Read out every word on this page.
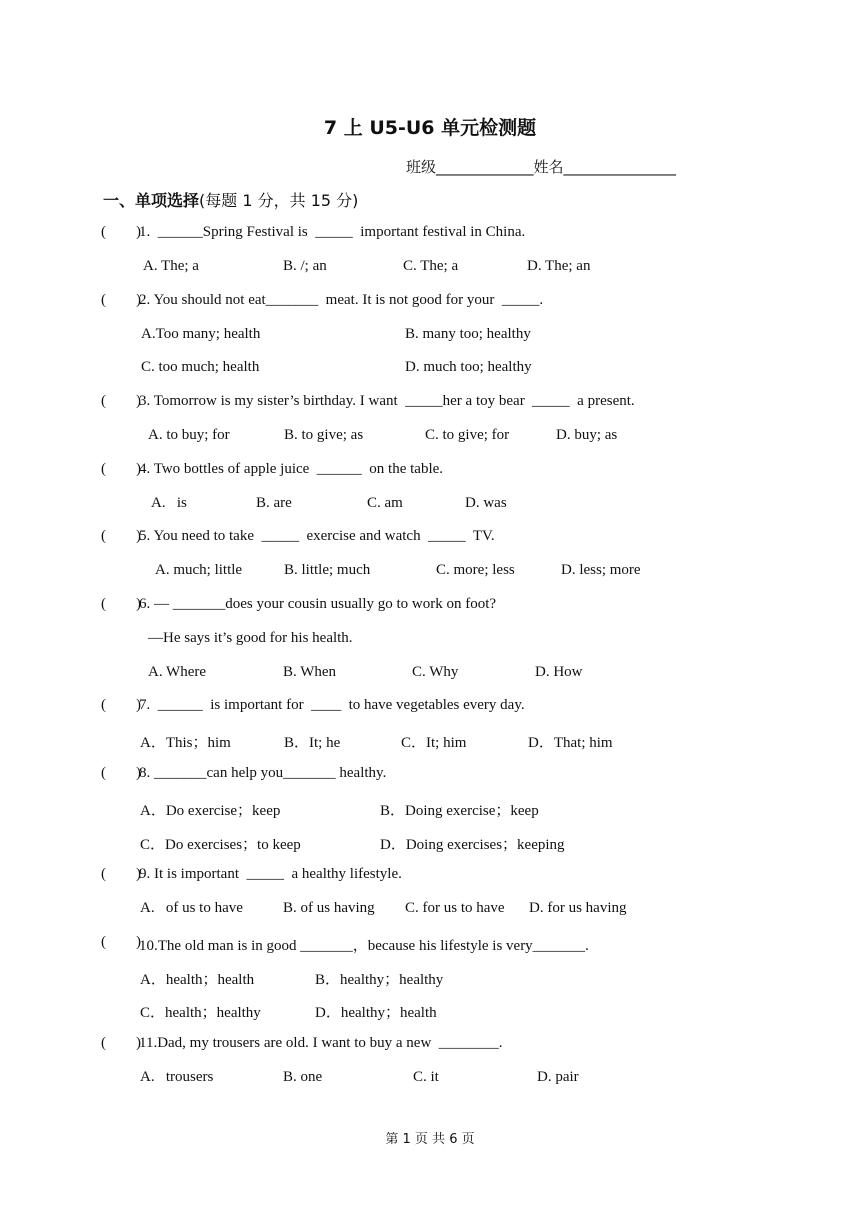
7 上 U5-U6 单元检测题
班级_____________姓名_______________
一、单项选择(每题 1 分，共 15 分)
(        )
1.  ______Spring Festival is  _____  important festival in China.
A. The; a	B. /; an	C. The; a	D. The; an
(        )
2. You should not eat_______  meat. It is not good for your  _____.
A.Too many; health	B. many too; healthy
C. too much; health	D. much too; healthy
(        )
3. Tomorrow is my sister’s birthday. I want  _____her a toy bear  _____  a present.
A. to buy; for	B. to give; as	C. to give; for	D. buy; as
(        )
4. Two bottles of apple juice  ______  on the table.
A.   is	B. are	C. am	D. was
(        )
5. You need to take  _____  exercise and watch  _____  TV.
A. much; little	B. little; much	C. more; less	D. less; more
(        )
6. — _______does your cousin usually go to work on foot?
—He says it’s good for his health.
A. Where	B. When	C. Why	D. How
(        )
7.  ______  is important for  ____  to have vegetables every day.
A．This；him	B．It; he	C．It; him	D．That; him
(        )
8. _______can help you_______ healthy.
A．Do exercise；keep	B．Doing exercise；keep
C．Do exercises；to keep	D．Doing exercises；keeping
(        )
9. It is important  _____  a healthy lifestyle.
A.   of us to have	B. of us having C. for us to have D. for us having
(        )
10.The old man is in good _______，because his lifestyle is very_______.
A．health；health	B．healthy；healthy
C．health；healthy	D．healthy；health
(        )
11.Dad, my trousers are old. I want to buy a new  ________.
A.   trousers	B. one	C. it	D. pair
第 1 页 共 6 页
